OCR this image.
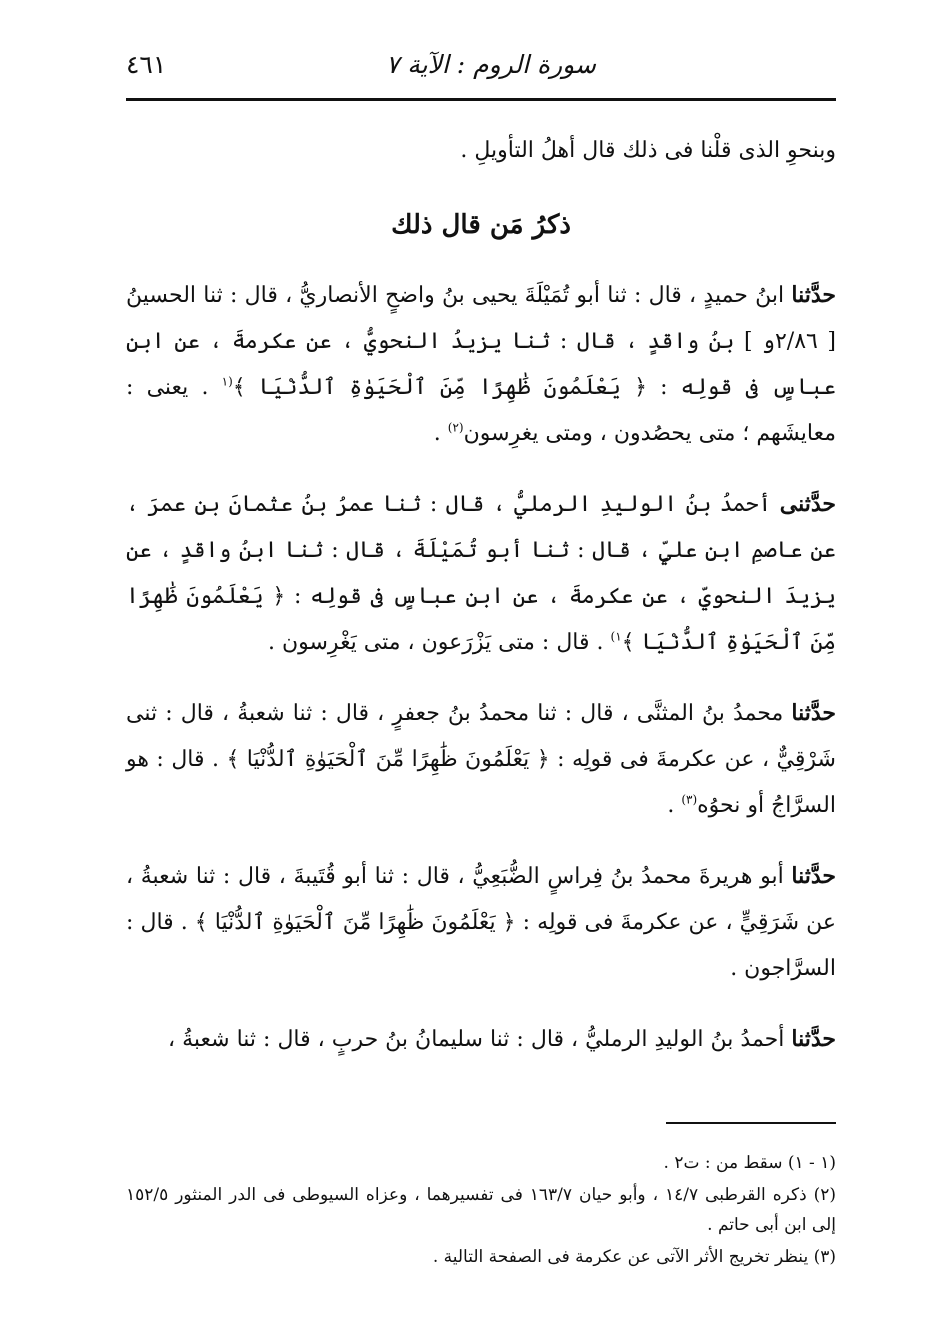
سورة الروم : الآية ٧
٤٦١

وبنحوِ الذى قلْنا فى ذلك قال أهلُ التأويلِ .

ذكرُ مَن قال ذلك

حدَّثنا ابنُ حميدٍ ، قال : ثنا أبو تُمَيْلَةَ يحيى بنُ واضحٍ الأنصاريُّ ، قال : ثنا الحسينُ [ ٢/٨٦و ] بنُ واقدٍ ، قال : ثنا يزيدُ النحويُّ ، عن عكرمةَ ، عن ابنِ عباسٍ فى قولِه : ﴿ يَعْلَمُونَ ظَٰهِرًا مِّنَ ٱلْحَيَوٰةِ ٱلدُّنْيَا ﴾$^{(١}$ . يعنى : معايشَهم ؛ متى يحصُدون ، ومتى يغرِسون$^{(٢)}$ .

حدَّثنى أحمدُ بنُ الوليدِ الرمليُّ ، قال : ثنا عمرُ بنُ عثمانَ بنِ عمرَ ، عن عاصمِ ابنِ عليٍّ ، قال : ثنا أبو تُمَيْلَةَ ، قال : ثنا ابنُ واقدٍ ، عن يزيدَ النحويِّ ، عن عكرمةَ ، عن ابنِ عباسٍ فى قولِه : ﴿ يَعْلَمُونَ ظَٰهِرًا مِّنَ ٱلْحَيَوٰةِ ٱلدُّنْيَا ﴾$^{١)}$ . قال : متى يَزْرَعون ، متى يَغْرِسون .

حدَّثنا محمدُ بنُ المثنَّى ، قال : ثنا محمدُ بنُ جعفرٍ ، قال : ثنا شعبةُ ، قال : ثنى شَرْقِيٌّ ، عن عكرمةَ فى قولِه : ﴿ يَعْلَمُونَ ظَٰهِرًا مِّنَ ٱلْحَيَوٰةِ ٱلدُّنْيَا ﴾ . قال : هو السرَّاجُ أو نحوُه$^{(٣)}$ .

حدَّثنا أبو هريرةَ محمدُ بنُ فِراسٍ الضُّبَعِيُّ ، قال : ثنا أبو قُتَيبةَ ، قال : ثنا شعبةُ ، عن شَرَقِيٍّ ، عن عكرمةَ فى قولِه : ﴿ يَعْلَمُونَ ظَٰهِرًا مِّنَ ٱلْحَيَوٰةِ ٱلدُّنْيَا ﴾ . قال : السرَّاجون .

حدَّثنا أحمدُ بنُ الوليدِ الرمليُّ ، قال : ثنا سليمانُ بنُ حربٍ ، قال : ثنا شعبةُ ،

(١ - ١) سقط من : ت٢ .

(٢) ذكره القرطبى ١٤/٧ ، وأبو حيان ١٦٣/٧ فى تفسيرهما ، وعزاه السيوطى فى الدر المنثور ١٥٢/٥ إلى ابن أبى حاتم .

(٣) ينظر تخريج الأثر الآتى عن عكرمة فى الصفحة التالية .
